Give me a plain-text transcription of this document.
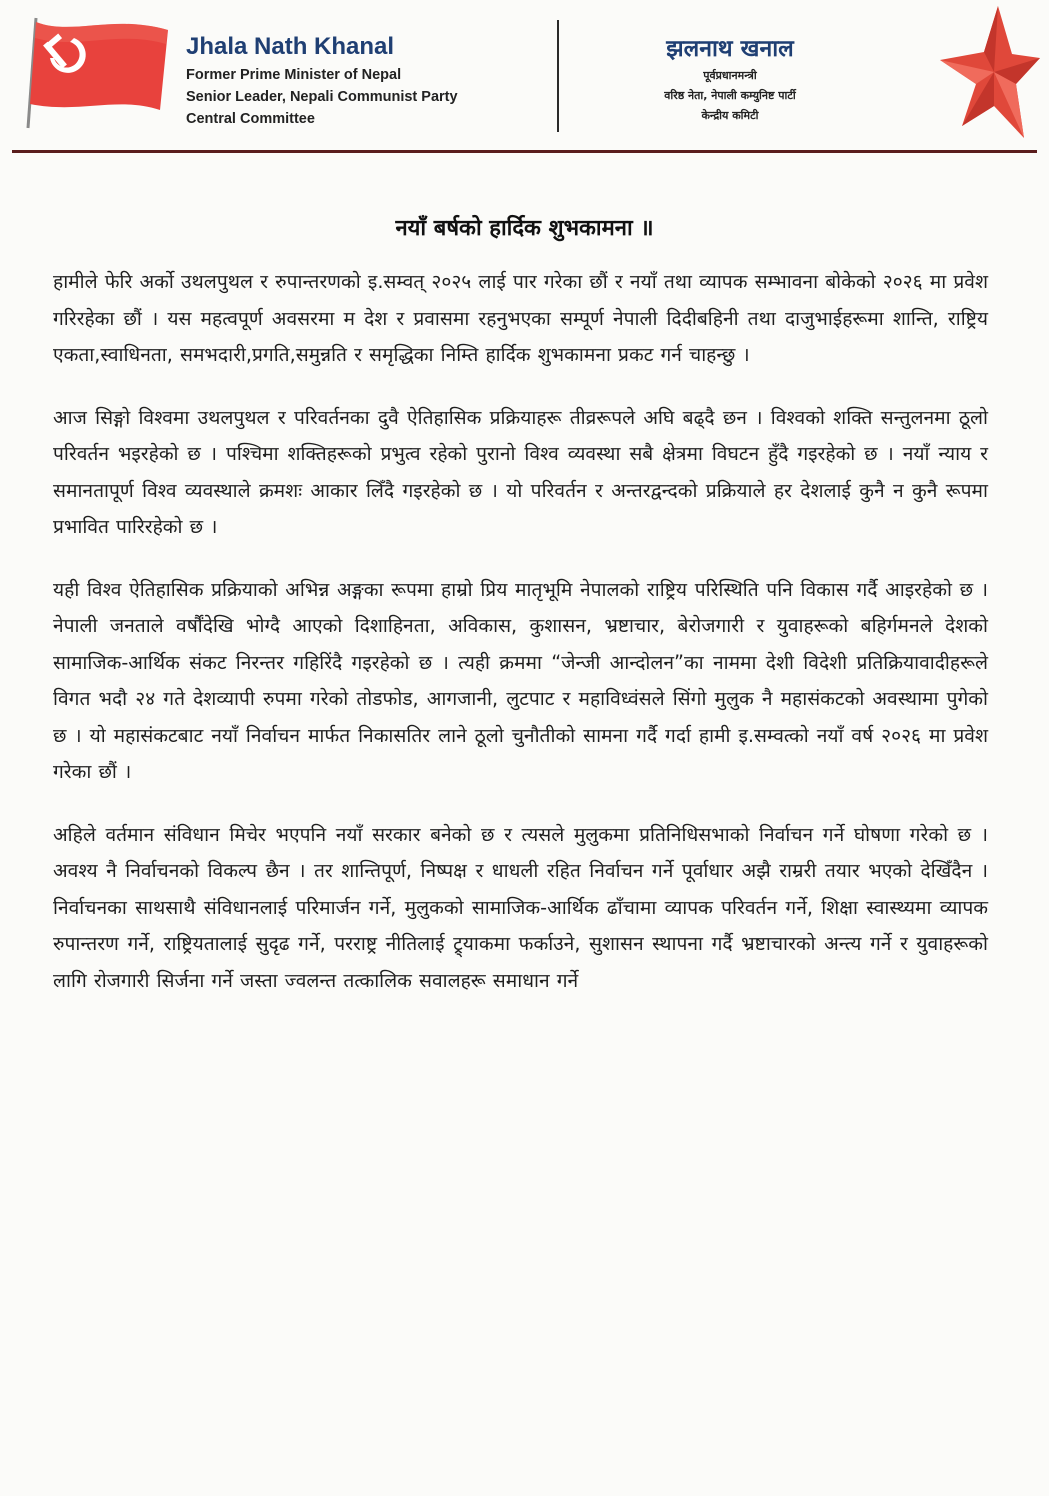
Jhala Nath Khanal

Former Prime Minister of Nepal

Senior Leader, Nepali Communist Party

Central Committee

झलनाथ खनाल

पूर्वप्रधानमन्त्री

वरिष्ठ नेता, नेपाली कम्युनिष्ट पार्टी

केन्द्रीय कमिटी

नयाँ बर्षको हार्दिक शुभकामना ॥

हामीले फेरि अर्को उथलपुथल र रुपान्तरणको इ.सम्वत् २०२५ लाई पार गरेका छौं र नयाँ तथा व्यापक सम्भावना बोकेको २०२६ मा प्रवेश गरिरहेका छौं । यस महत्वपूर्ण अवसरमा म देश र प्रवासमा रहनुभएका सम्पूर्ण नेपाली दिदीबहिनी तथा दाजुभाईहरूमा शान्ति, राष्ट्रिय एकता,स्वाधिनता, समभदारी,प्रगति,समुन्नति र समृद्धिका निम्ति हार्दिक शुभकामना प्रकट गर्न चाहन्छु ।

आज सिङ्गो विश्वमा उथलपुथल र परिवर्तनका दुवै ऐतिहासिक प्रक्रियाहरू तीव्ररूपले अघि बढ्दै छन । विश्वको शक्ति सन्तुलनमा ठूलो परिवर्तन भइरहेको छ । पश्चिमा शक्तिहरूको प्रभुत्व रहेको पुरानो विश्व व्यवस्था सबै क्षेत्रमा विघटन हुँदै गइरहेको छ । नयाँ न्याय र समानतापूर्ण विश्व व्यवस्थाले क्रमशः आकार लिँदै गइरहेको छ । यो परिवर्तन र अन्तरद्वन्दको प्रक्रियाले हर देशलाई कुनै न कुनै रूपमा प्रभावित पारिरहेको छ ।

यही विश्व ऐतिहासिक प्रक्रियाको अभिन्न अङ्गका रूपमा हाम्रो प्रिय मातृभूमि नेपालको राष्ट्रिय परिस्थिति पनि विकास गर्दै आइरहेको छ । नेपाली जनताले वर्षौंदेखि भोग्दै आएको दिशाहिनता, अविकास, कुशासन, भ्रष्टाचार, बेरोजगारी र युवाहरूको बहिर्गमनले देशको सामाजिक-आर्थिक संकट निरन्तर गहिरिंदै गइरहेको छ । त्यही क्रममा “जेन्जी आन्दोलन”का नाममा देशी विदेशी प्रतिक्रियावादीहरूले विगत भदौ २४ गते देशव्यापी रुपमा गरेको तोडफोड, आगजानी, लुटपाट र महाविध्वंसले सिंगो मुलुक नै महासंकटको अवस्थामा पुगेको छ । यो महासंकटबाट नयाँ निर्वाचन मार्फत निकासतिर लाने ठूलो चुनौतीको सामना गर्दै गर्दा हामी इ.सम्वत्को नयाँ वर्ष २०२६ मा प्रवेश गरेका छौं ।

अहिले वर्तमान संविधान मिचेर भएपनि नयाँ सरकार बनेको छ र त्यसले मुलुकमा प्रतिनिधिसभाको निर्वाचन गर्ने घोषणा गरेको छ । अवश्य नै निर्वाचनको विकल्प छैन । तर शान्तिपूर्ण, निष्पक्ष र धाधली रहित निर्वाचन गर्ने पूर्वाधार अझै राम्ररी तयार भएको देखिँदैन । निर्वाचनका साथसाथै संविधानलाई परिमार्जन गर्ने, मुलुकको सामाजिक-आर्थिक ढाँचामा व्यापक परिवर्तन गर्ने, शिक्षा स्वास्थ्यमा व्यापक रुपान्तरण गर्ने, राष्ट्रियतालाई सुदृढ गर्ने, परराष्ट्र नीतिलाई ट्र्याकमा फर्काउने, सुशासन स्थापना गर्दै भ्रष्टाचारको अन्त्य गर्ने र युवाहरूको लागि रोजगारी सिर्जना गर्ने जस्ता ज्वलन्त तत्कालिक सवालहरू समाधान गर्ने
